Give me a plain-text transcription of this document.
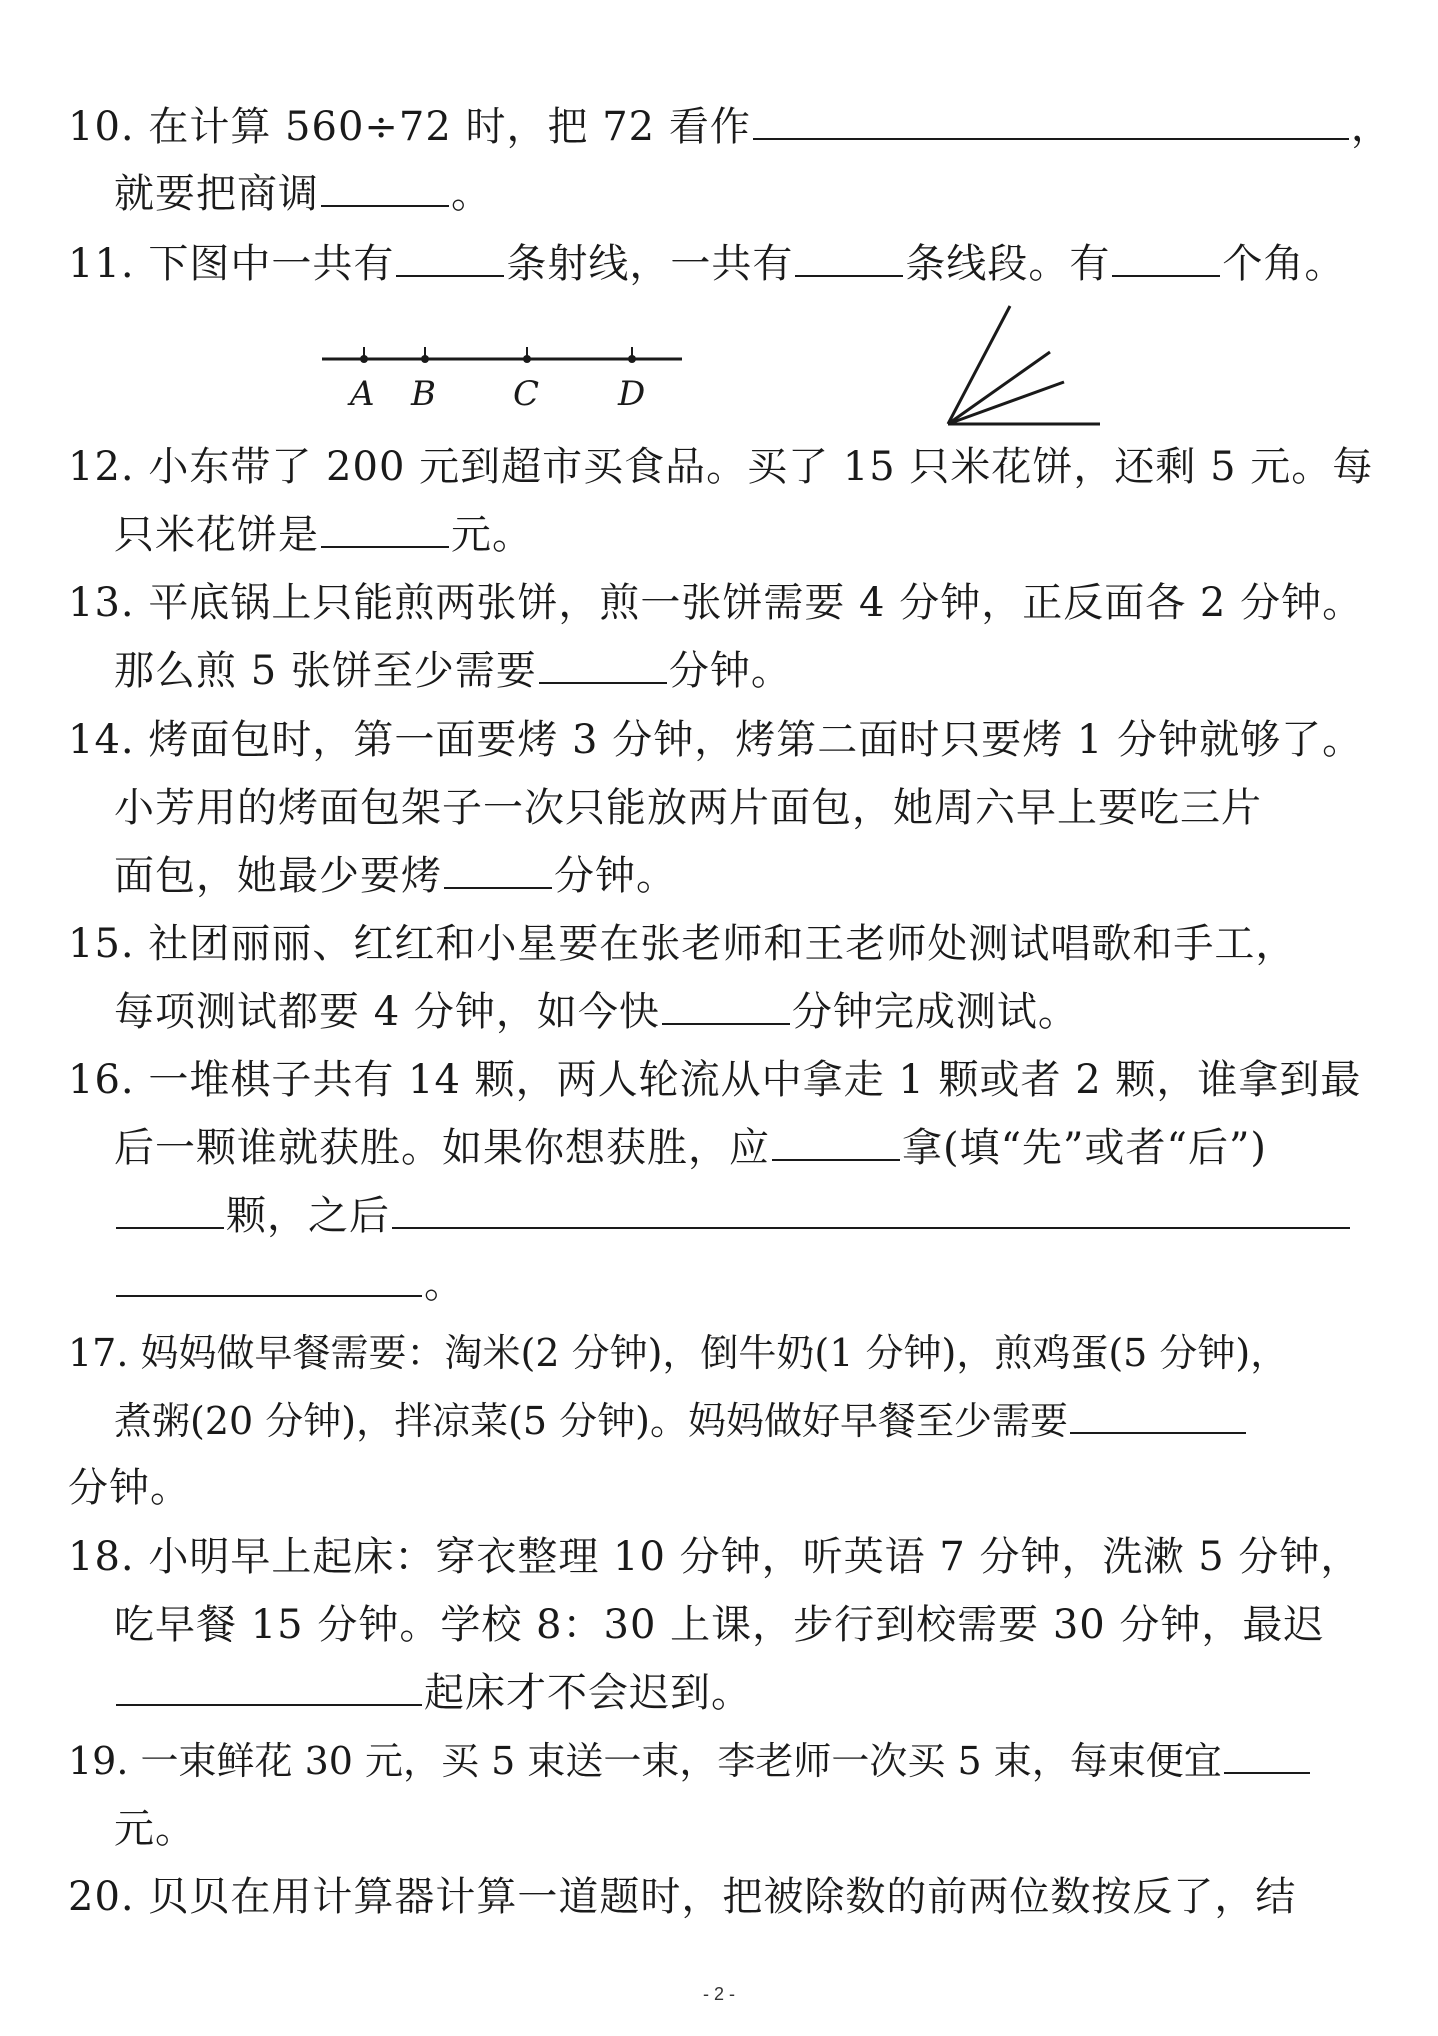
10. 在计算 560÷72 时，把 72 看作	，
就要把商调	。
11. 下图中一共有	条射线，一共有	条线段。有	个角。
A B C D
12. 小东带了 200 元到超市买食品。买了 15 只米花饼，还剩 5 元。每
只米花饼是	元。
13. 平底锅上只能煎两张饼，煎一张饼需要 4 分钟，正反面各 2 分钟。
那么煎 5 张饼至少需要	分钟。
14. 烤面包时，第一面要烤 3 分钟，烤第二面时只要烤 1 分钟就够了。
小芳用的烤面包架子一次只能放两片面包，她周六早上要吃三片
面包，她最少要烤	分钟。
15. 社团丽丽、红红和小星要在张老师和王老师处测试唱歌和手工，
每项测试都要 4 分钟，如今快	分钟完成测试。
16. 一堆棋子共有 14 颗，两人轮流从中拿走 1 颗或者 2 颗，谁拿到最
后一颗谁就获胜。如果你想获胜，应	拿(填“先”或者“后”)
颗，之后
。
17. 妈妈做早餐需要：淘米(2 分钟)，倒牛奶(1 分钟)，煎鸡蛋(5 分钟)，
煮粥(20 分钟)，拌凉菜(5 分钟)。妈妈做好早餐至少需要
分钟。
18. 小明早上起床：穿衣整理 10 分钟，听英语 7 分钟，洗漱 5 分钟，
吃早餐 15 分钟。学校 8：30 上课，步行到校需要 30 分钟，最迟
起床才不会迟到。
19. 一束鲜花 30 元，买 5 束送一束，李老师一次买 5 束，每束便宜
元。
20. 贝贝在用计算器计算一道题时，把被除数的前两位数按反了，结
- 2 -
